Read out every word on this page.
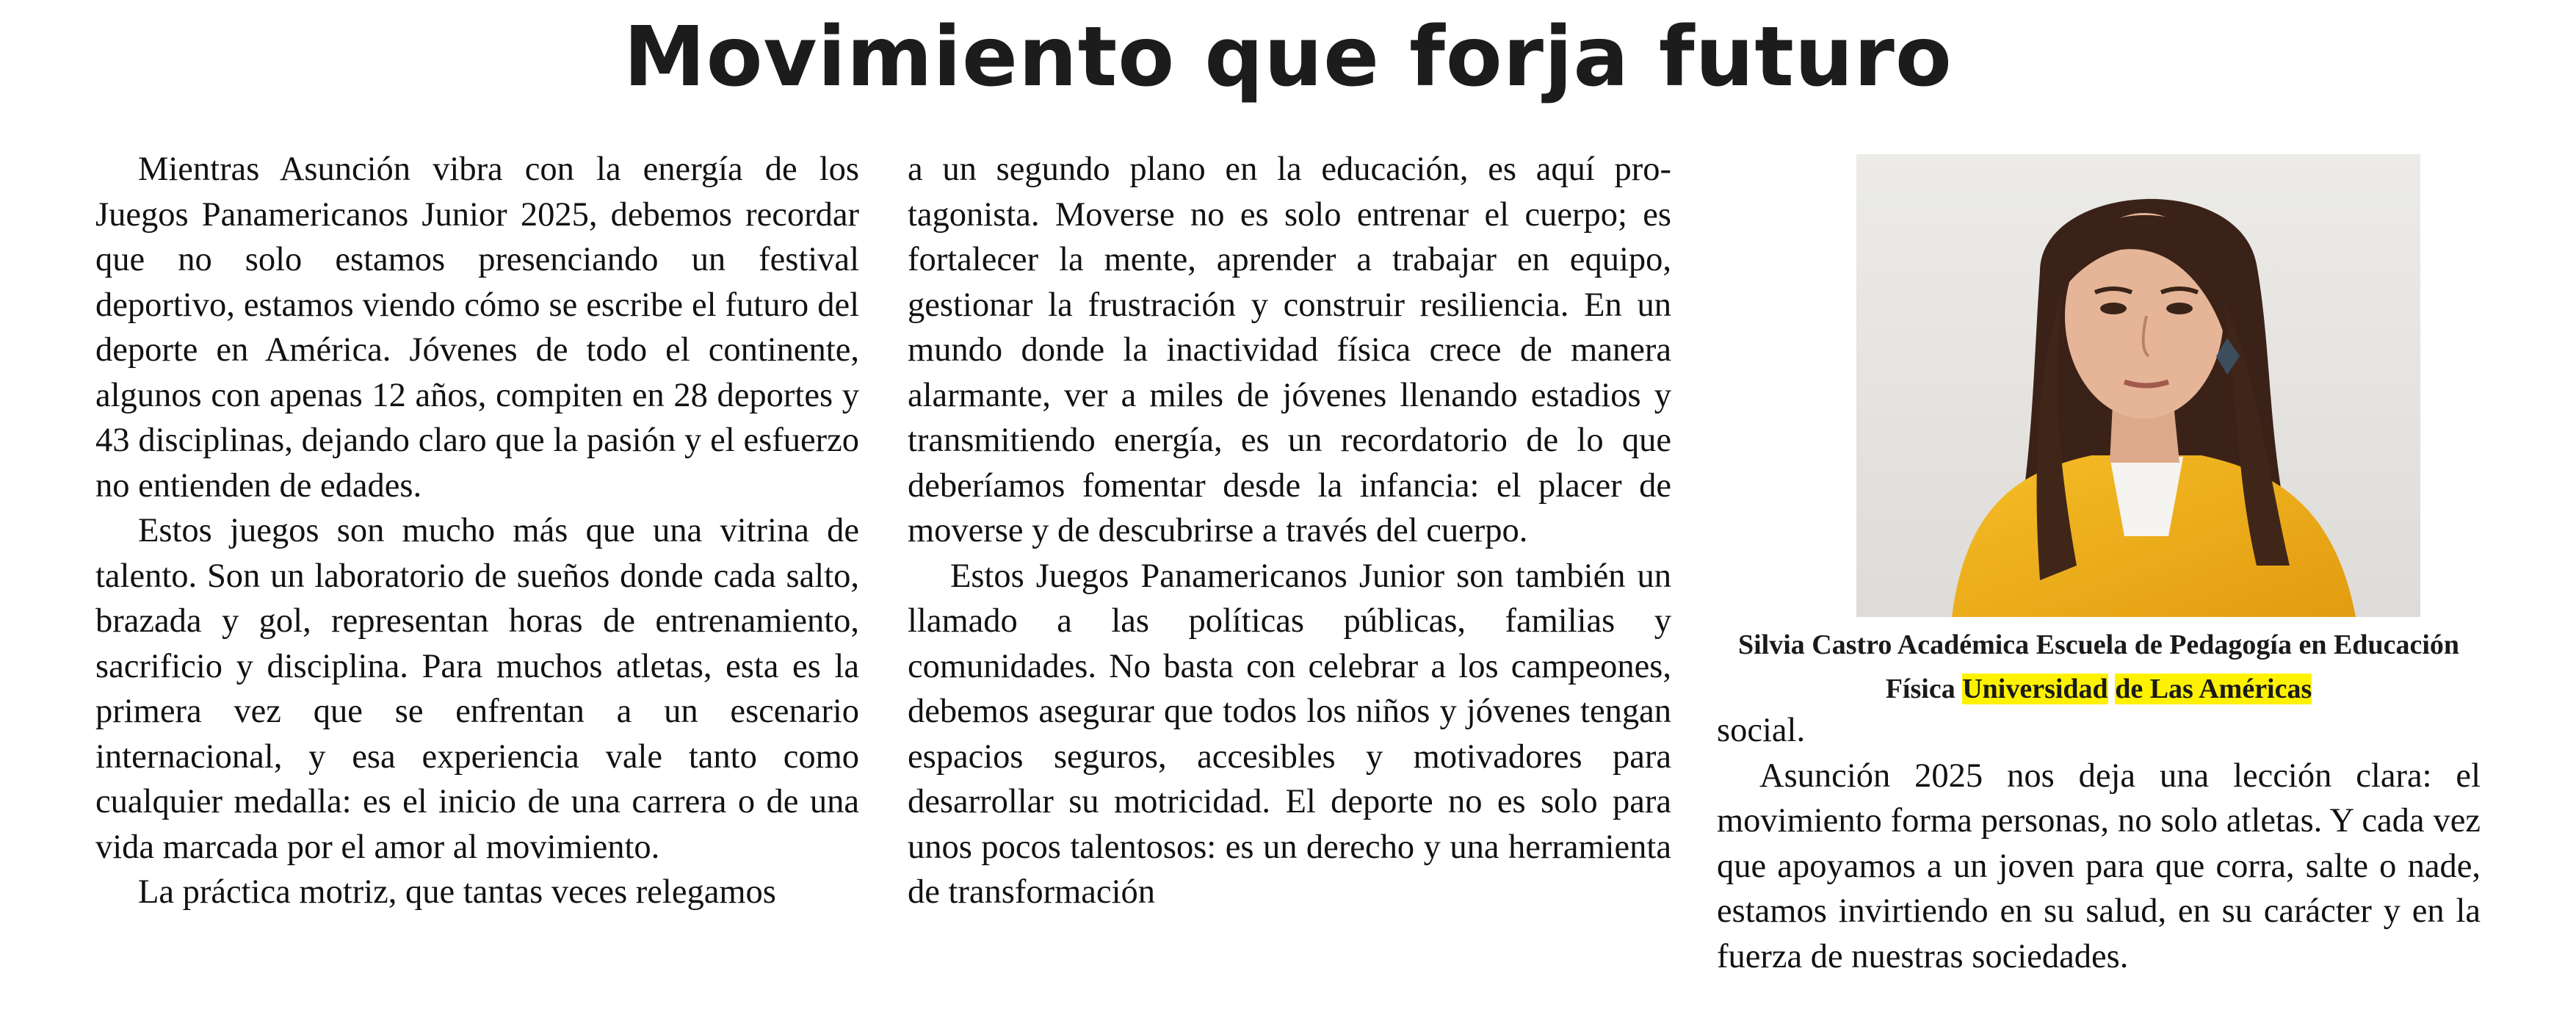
Movimiento que forja futuro

Mientras Asunción vibra con la energía de los Juegos Panamericanos Junior 2025, debemos recordar que no solo estamos presenciando un festival deportivo, estamos viendo cómo se escribe el futuro del deporte en América. Jóvenes de todo el continente, algunos con apenas 12 años, compiten en 28 deportes y 43 disciplinas, dejando claro que la pasión y el esfuerzo no entienden de edades.

Estos juegos son mucho más que una vitrina de talento. Son un laboratorio de sueños donde cada salto, brazada y gol, representan horas de entrenamiento, sacrificio y disciplina. Para muchos atletas, esta es la primera vez que se enfrentan a un escenario internacional, y esa experiencia vale tanto como cualquier medalla: es el inicio de una carrera o de una vida marcada por el amor al movimiento.

La práctica motriz, que tantas veces relegamos

a un segundo plano en la educación, es aquí protagonista. Moverse no es solo entrenar el cuerpo; es fortalecer la mente, aprender a trabajar en equipo, gestionar la frustración y construir resiliencia. En un mundo donde la inactividad física crece de manera alarmante, ver a miles de jóvenes llenando estadios y transmitiendo energía, es un recordatorio de lo que deberíamos fomentar desde la infancia: el placer de moverse y de descubrirse a través del cuerpo.

Estos Juegos Panamericanos Junior son también un llamado a las políticas públicas, familias y comunidades. No basta con celebrar a los campeones, debemos asegurar que todos los niños y jóvenes tengan espacios seguros, accesibles y motivadores para desarrollar su motricidad. El deporte no es solo para unos pocos talentosos: es un derecho y una herramienta de transformación

Silvia Castro Académica Escuela de Pedagogía en Educación Física Universidad de Las Américas

social.

Asunción 2025 nos deja una lección clara: el movimiento forma personas, no solo atletas. Y cada vez que apoyamos a un joven para que corra, salte o nade, estamos invirtiendo en su salud, en su carácter y en la fuerza de nuestras sociedades.
